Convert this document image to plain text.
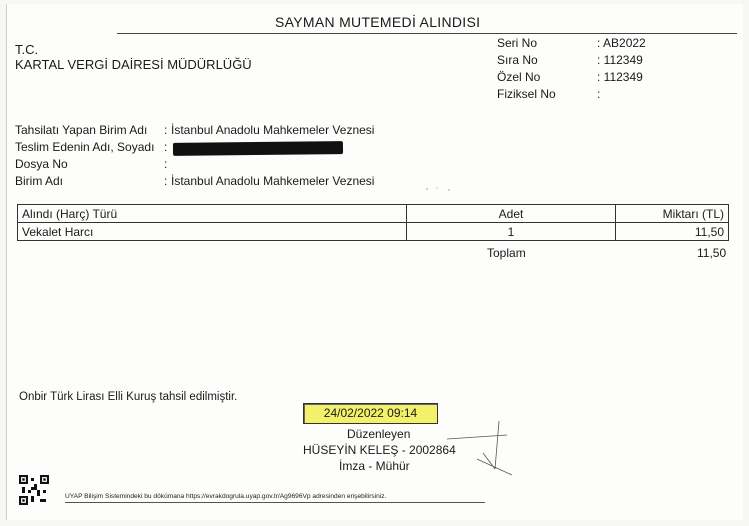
SAYMAN MUTEMEDİ ALINDISI
T.C.
KARTAL VERGİ DAİRESİ MÜDÜRLÜĞÜ
Seri No	: AB2022
Sıra No	: 112349
Özel No	: 112349
Fiziksel No	:
Tahsilatı Yapan Birim Adı : İstanbul Anadolu Mahkemeler Veznesi
Teslim Edenin Adı, Soyadı :
Dosya No	:
Birim Adı	: İstanbul Anadolu Mahkemeler Veznesi
Alındı (Harç) Türü	Adet	Miktarı (TL)
Vekalet Harcı	1	11,50
Toplam	11,50
Onbir Türk Lirası Elli Kuruş tahsil edilmiştir.
24/02/2022 09:14
Düzenleyen
HÜSEYİN KELEŞ - 2002864
İmza - Mühür
UYAP Bilişim Sistemindeki bu dökümana https://evrakdogrula.uyap.gov.tr/Ag9696Vp adresinden erişebilirsiniz.
